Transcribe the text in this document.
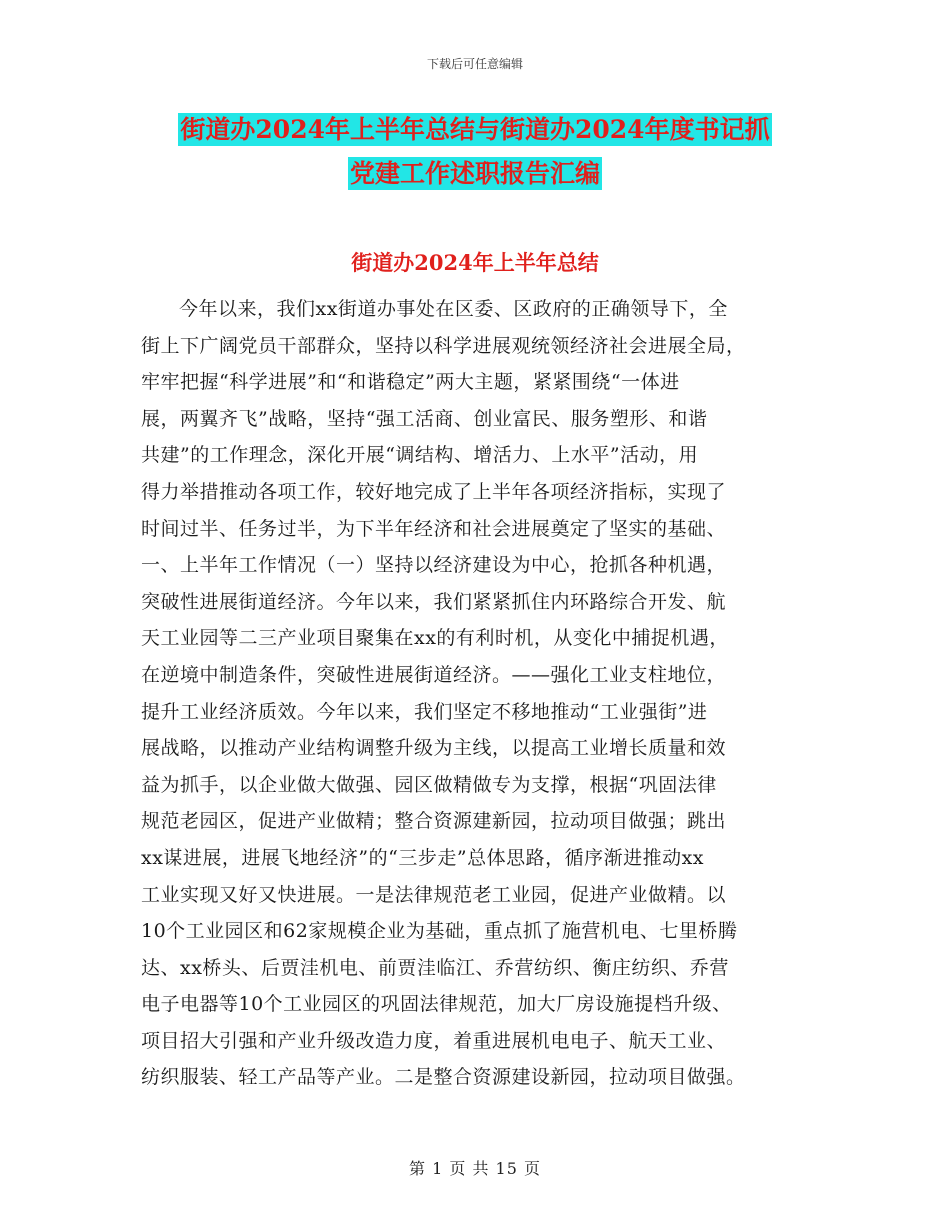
下载后可任意编辑
街道办2024年上半年总结与街道办2024年度书记抓
党建工作述职报告汇编
街道办2024年上半年总结
今年以来，我们xx街道办事处在区委、区政府的正确领导下，全
街上下广阔党员干部群众，坚持以科学进展观统领经济社会进展全局，
牢牢把握“科学进展”和“和谐稳定”两大主题，紧紧围绕“一体进
展，两翼齐飞”战略，坚持“强工活商、创业富民、服务塑形、和谐
共建”的工作理念，深化开展“调结构、增活力、上水平”活动，用
得力举措推动各项工作，较好地完成了上半年各项经济指标，实现了
时间过半、任务过半，为下半年经济和社会进展奠定了坚实的基础、
一、上半年工作情况（一）坚持以经济建设为中心，抢抓各种机遇，
突破性进展街道经济。今年以来，我们紧紧抓住内环路综合开发、航
天工业园等二三产业项目聚集在xx的有利时机，从变化中捕捉机遇，
在逆境中制造条件，突破性进展街道经济。——强化工业支柱地位，
提升工业经济质效。今年以来，我们坚定不移地推动“工业强街”进
展战略，以推动产业结构调整升级为主线，以提高工业增长质量和效
益为抓手，以企业做大做强、园区做精做专为支撑，根据“巩固法律
规范老园区，促进产业做精；整合资源建新园，拉动项目做强；跳出
xx谋进展，进展飞地经济”的“三步走”总体思路，循序渐进推动xx
工业实现又好又快进展。一是法律规范老工业园，促进产业做精。以
10个工业园区和62家规模企业为基础，重点抓了施营机电、七里桥腾
达、xx桥头、后贾洼机电、前贾洼临江、乔营纺织、衡庄纺织、乔营
电子电器等10个工业园区的巩固法律规范，加大厂房设施提档升级、
项目招大引强和产业升级改造力度，着重进展机电电子、航天工业、
纺织服装、轻工产品等产业。二是整合资源建设新园，拉动项目做强。
第 1 页 共 15 页
